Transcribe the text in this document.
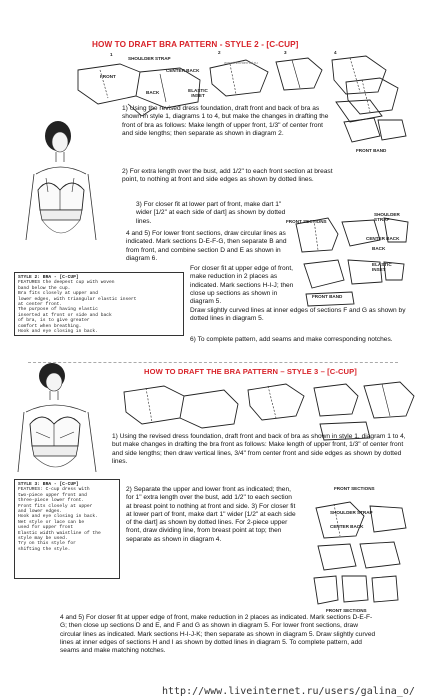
HOW TO DRAFT BRA PATTERN - STYLE 2 - [C-CUP]
1	2	3	4
SHOULDER STRAP
FRONT
CENTER BACK
BACK	ELASTIC INSET
www.liveinternet.ru
FRONT BAND
1) Using the revised dress foundation, draft front and back of bra as shown in style 1, diagrams 1 to 4, but make the changes in drafting the front of bra as follows: Make length of upper front, 1/3" of center front and side lengths; then separate as shown in diagram 2.
2) For extra length over the bust, add 1/2" to each front section at breast point, to nothing at front and side edges as shown by dotted lines.
3) For closer fit at lower part of front, make dart 1" wider [1/2" at each side of dart] as shown by dotted lines.
4 and 5) For lower front sections, draw circular lines as indicated. Mark sections D-E-F-G, then separate B and from front, and combine section D and E as shown in diagram 6.
For closer fit at upper edge of front, make reduction in 2 places as indicated. Mark sections H-I-J; then close up sections as shown in diagram 5.
Draw slightly curved lines at inner edges of sections F and G as shown by dotted lines in diagram 5.
6) To complete pattern, add seams and make corresponding notches.
FRONT SECTIONS
SHOULDER STRAP
CENTER BACK
BACK
ELASTIC INSET
FRONT BAND
STYLE 2: BRA - [C-CUP]
FEATURES the deepest cup with woven
band below the cup.
Bra fits closely at upper and
lower edges, with triangular elastic insert
at center front.
The purpose of having elastic
inserted at front or side and back
of bra, is to give greater
comfort when breathing.
Hook and eye closing in back.
HOW TO DRAFT THE BRA PATTERN – STYLE 3 – [C-CUP]
1) Using the revised dress foundation, draft front and back of bra as shown in style 1, diagram 1 to 4, but make changes in drafting the bra front as follows: Make length of upper front, 1/3" of center front and side lengths; then draw vertical lines, 3/4" from center front and side edges as shown by dotted lines.
STYLE 3: BRA - [C-CUP]
FEATURES: C-cup dress with
two-piece upper front and
three-piece lower front.
Front fits closely at upper
and lower edges.
Hook and eye closing in back.
Net style or lace can be
used for upper front
Elastic width waistline of the
style may be used.
Try on this style for
shifting the style.
2) Separate the upper and lower front as indicated; then, for 1" extra length over the bust, add 1/2" to each section at breast point to nothing at front and side. 3) For closer fit at lower part of front, make dart 1" wider [1/2" at each side of the dart] as shown by dotted lines. For 2-piece upper front, draw dividing line, from breast point at top; then separate as shown in diagram 4.
FRONT SECTIONS
SHOULDER STRAP
CENTER BACK
FRONT SECTIONS
4 and 5) For closer fit at upper edge of front, make reduction in 2 places as indicated. Mark sections D-E-F-G; then close up sections D and E, and F and G as shown in diagram 5. For lower front sections, draw circular lines as indicated. Mark sections H-I-J-K; then separate as shown in diagram 5. Draw slightly curved lines at inner edges of sections H and I as shown by dotted lines in diagram 5. To complete pattern, add seams and make matching notches.
http://www.liveinternet.ru/users/galina_o/
